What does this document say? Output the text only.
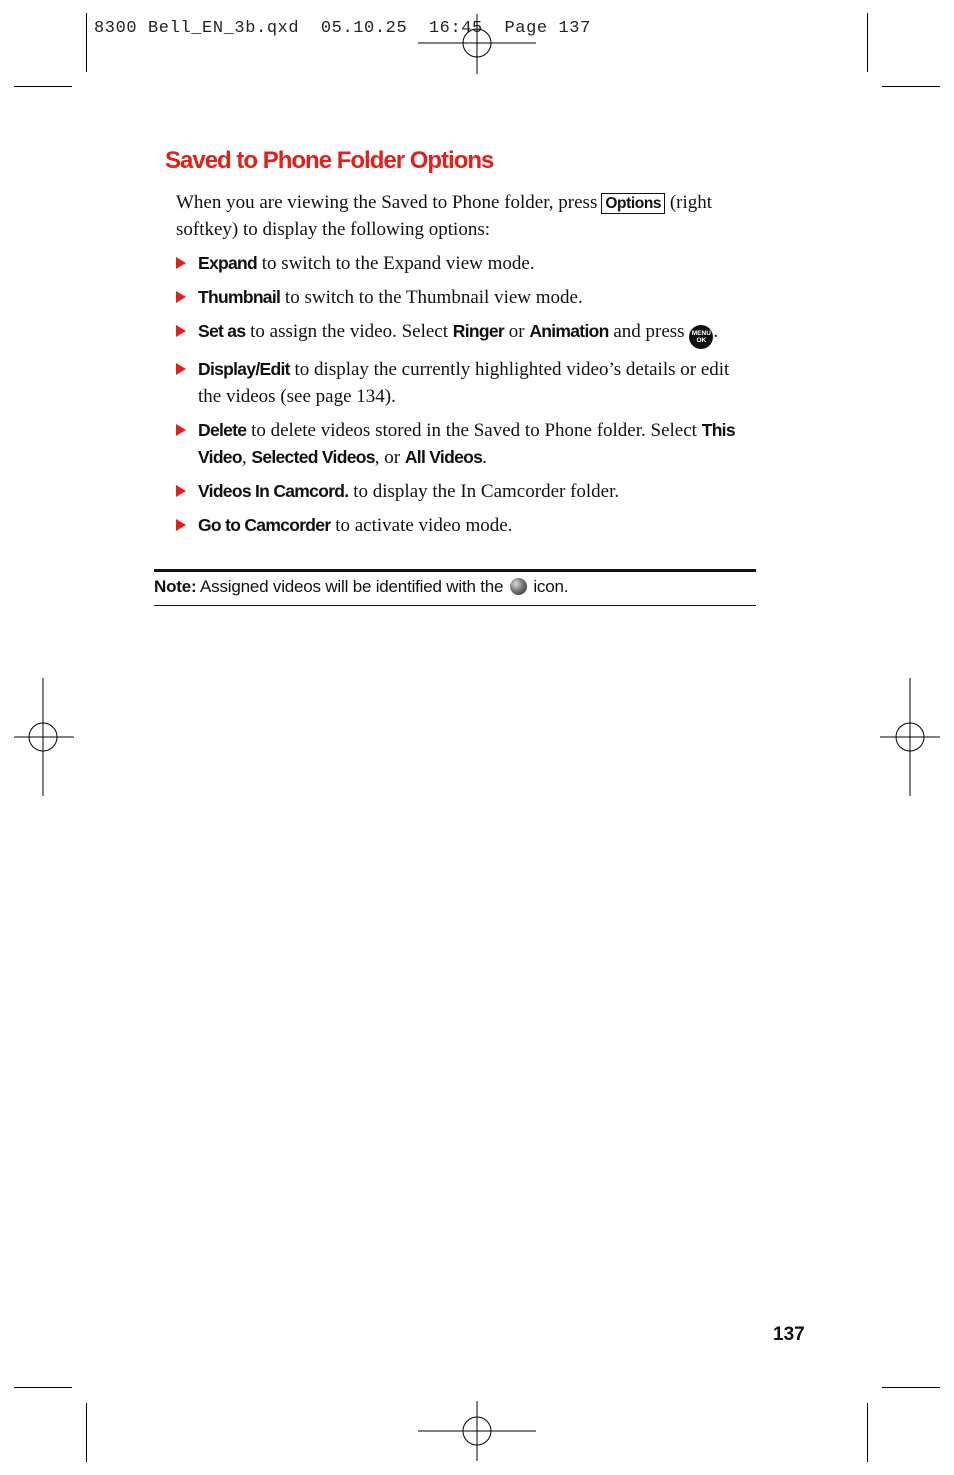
8300 Bell_EN_3b.qxd  05.10.25  16:45  Page 137
Saved to Phone Folder Options
When you are viewing the Saved to Phone folder, press Options (right softkey) to display the following options:
Expand to switch to the Expand view mode.
Thumbnail to switch to the Thumbnail view mode.
Set as to assign the video. Select Ringer or Animation and press MENU
OK .
Display/Edit to display the currently highlighted video’s details or edit the videos (see page 134).
Delete to delete videos stored in the Saved to Phone folder. Select This Video, Selected Videos, or All Videos.
Videos In Camcord. to display the In Camcorder folder.
Go to Camcorder to activate video mode.
Note: Assigned videos will be identified with the  icon.
137
